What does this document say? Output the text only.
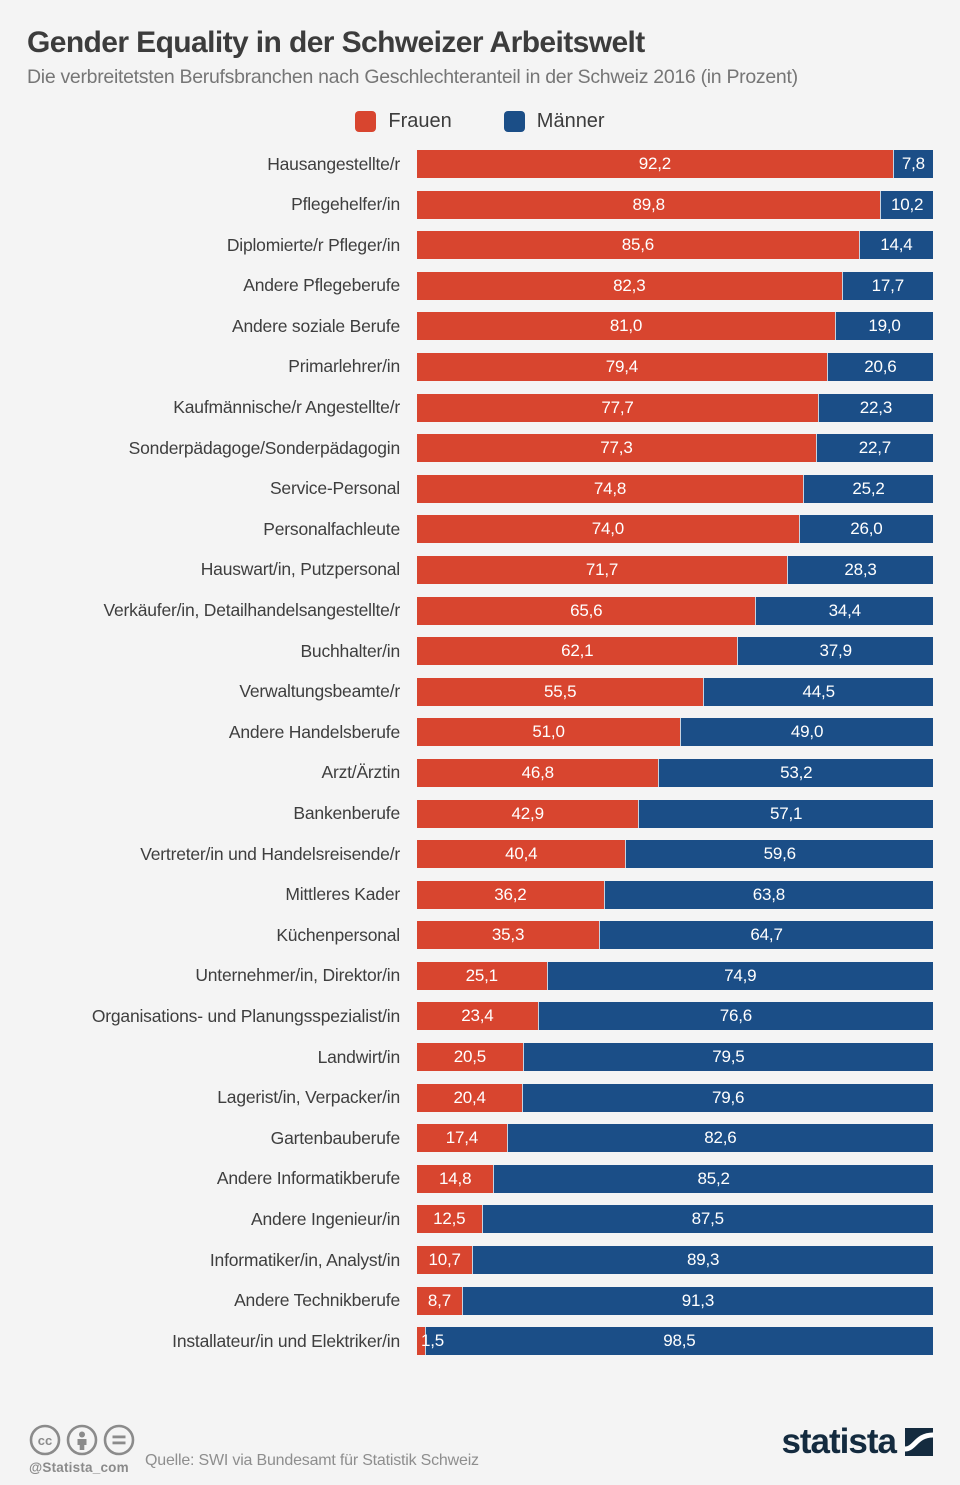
Gender Equality in der Schweizer Arbeitswelt
Die verbreitetsten Berufsbranchen nach Geschlechteranteil in der Schweiz 2016 (in Prozent)
Frauen	Männer
Hausangestellte/r	92,2	7,8
Pflegehelfer/in	89,8	10,2
Diplomierte/r Pfleger/in	85,6	14,4
Andere Pflegeberufe	82,3	17,7
Andere soziale Berufe	81,0	19,0
Primarlehrer/in	79,4	20,6
Kaufmännische/r Angestellte/r	77,7	22,3
Sonderpädagoge/Sonderpädagogin	77,3	22,7
Service-Personal	74,8	25,2
Personalfachleute	74,0	26,0
Hauswart/in, Putzpersonal	71,7	28,3
Verkäufer/in, Detailhandelsangestellte/r	65,6	34,4
Buchhalter/in	62,1	37,9
Verwaltungsbeamte/r	55,5	44,5
Andere Handelsberufe	51,0	49,0
Arzt/Ärztin	46,8	53,2
Bankenberufe	42,9	57,1
Vertreter/in und Handelsreisende/r	40,4	59,6
Mittleres Kader	36,2	63,8
Küchenpersonal	35,3	64,7
Unternehmer/in, Direktor/in	25,1	74,9
Organisations- und Planungsspezialist/in	23,4	76,6
Landwirt/in	20,5	79,5
Lagerist/in, Verpacker/in	20,4	79,6
Gartenbauberufe	17,4	82,6
Andere Informatikberufe	14,8	85,2
Andere Ingenieur/in	12,5	87,5
Informatiker/in, Analyst/in	10,7	89,3
Andere Technikberufe	8,7	91,3
Installateur/in und Elektriker/in	1,5	98,5
cc
@Statista_com	Quelle: SWI via Bundesamt für Statistik Schweiz	statista
